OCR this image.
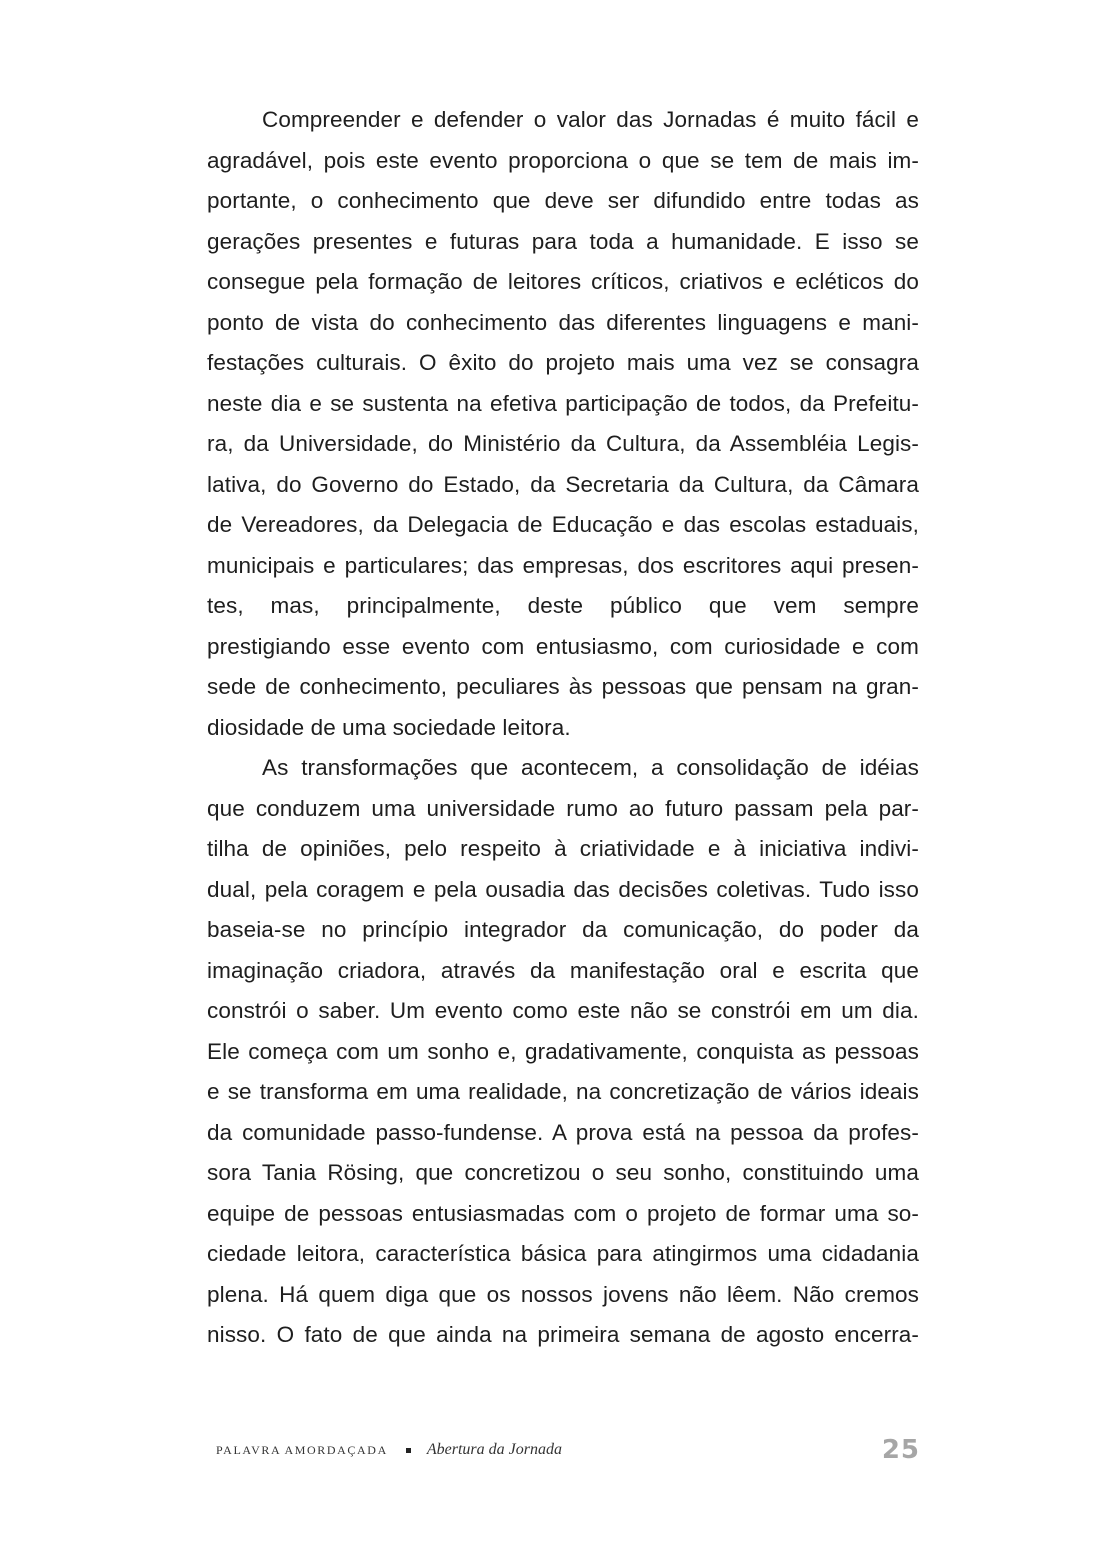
Compreender e defender o valor das Jornadas é muito fácil e
agradável, pois este evento proporciona o que se tem de mais im-
portante, o conhecimento que deve ser difundido entre todas as
gerações presentes e futuras para toda a humanidade. E isso se
consegue pela formação de leitores críticos, criativos e ecléticos do
ponto de vista do conhecimento das diferentes linguagens e mani-
festações culturais. O êxito do projeto mais uma vez se consagra
neste dia e se sustenta na efetiva participação de todos, da Prefeitu-
ra, da Universidade, do Ministério da Cultura, da Assembléia Legis-
lativa, do Governo do Estado, da Secretaria da Cultura, da Câmara
de Vereadores, da Delegacia de Educação e das escolas estaduais,
municipais e particulares; das empresas, dos escritores aqui presen-
tes, mas, principalmente, deste público que vem sempre
prestigiando esse evento com entusiasmo, com curiosidade e com
sede de conhecimento, peculiares às pessoas que pensam na gran-
diosidade de uma sociedade leitora.
As transformações que acontecem, a consolidação de idéias
que conduzem uma universidade rumo ao futuro passam pela par-
tilha de opiniões, pelo respeito à criatividade e à iniciativa indivi-
dual, pela coragem e pela ousadia das decisões coletivas. Tudo isso
baseia-se no princípio integrador da comunicação, do poder da
imaginação criadora, através da manifestação oral e escrita que
constrói o saber. Um evento como este não se constrói em um dia.
Ele começa com um sonho e, gradativamente, conquista as pessoas
e se transforma em uma realidade, na concretização de vários ideais
da comunidade passo-fundense. A prova está na pessoa da profes-
sora Tania Rösing, que concretizou o seu sonho, constituindo uma
equipe de pessoas entusiasmadas com o projeto de formar uma so-
ciedade leitora, característica básica para atingirmos uma cidadania
plena. Há quem diga que os nossos jovens não lêem. Não cremos
nisso. O fato de que ainda na primeira semana de agosto encerra-
PALAVRA AMORDAÇADA Abertura da Jornada	25
